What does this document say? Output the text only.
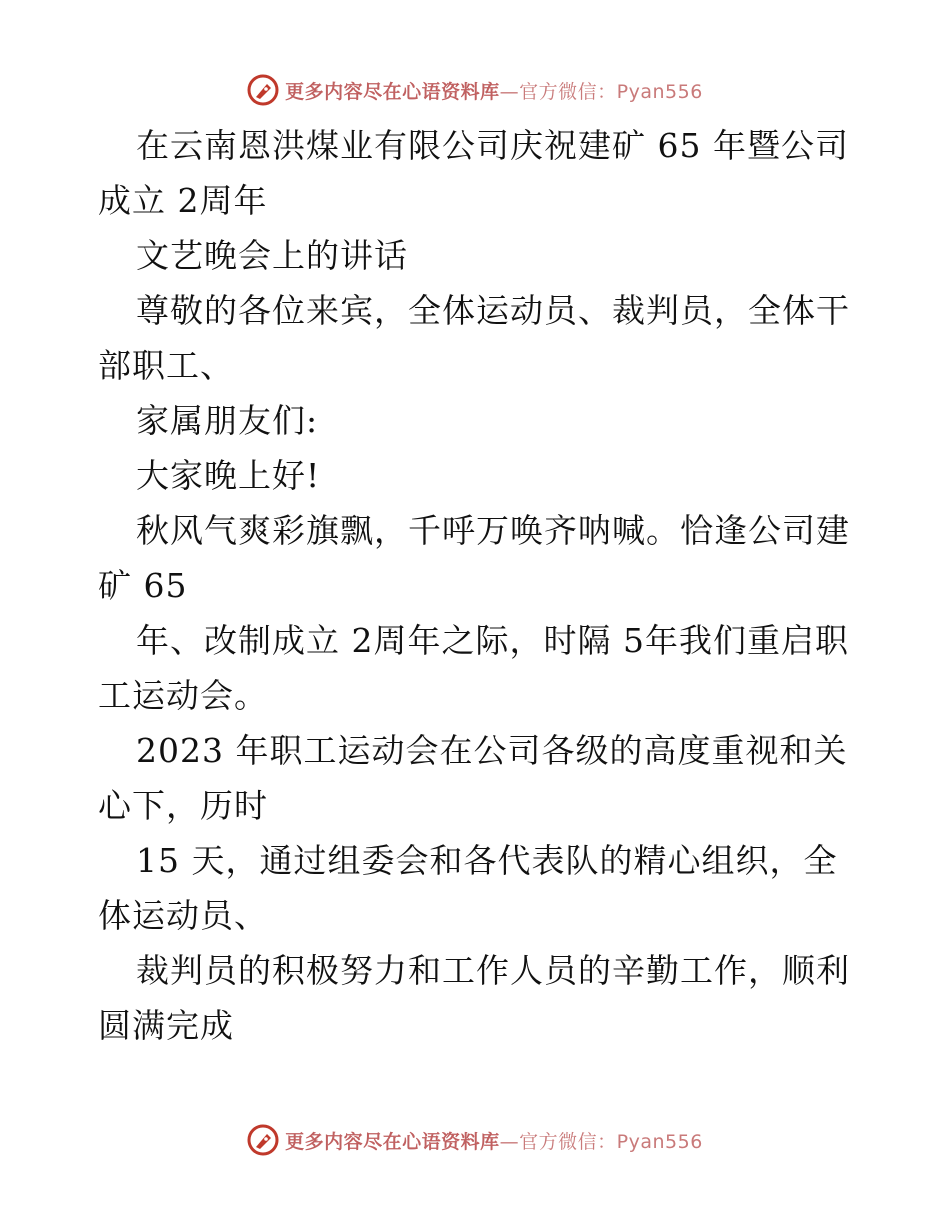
更多内容尽在心语资料库—官方微信：Pyan556

在云南恩洪煤业有限公司庆祝建矿 65 年暨公司成立 2周年

文艺晚会上的讲话

尊敬的各位来宾，全体运动员、裁判员，全体干部职工、

家属朋友们:

大家晚上好!

秋风气爽彩旗飘，千呼万唤齐呐喊。恰逢公司建矿 65

年、改制成立 2周年之际，时隔 5年我们重启职工运动会。

2023 年职工运动会在公司各级的高度重视和关心下，历时

15 天，通过组委会和各代表队的精心组织，全体运动员、

裁判员的积极努力和工作人员的辛勤工作，顺利圆满完成

更多内容尽在心语资料库—官方微信：Pyan556
